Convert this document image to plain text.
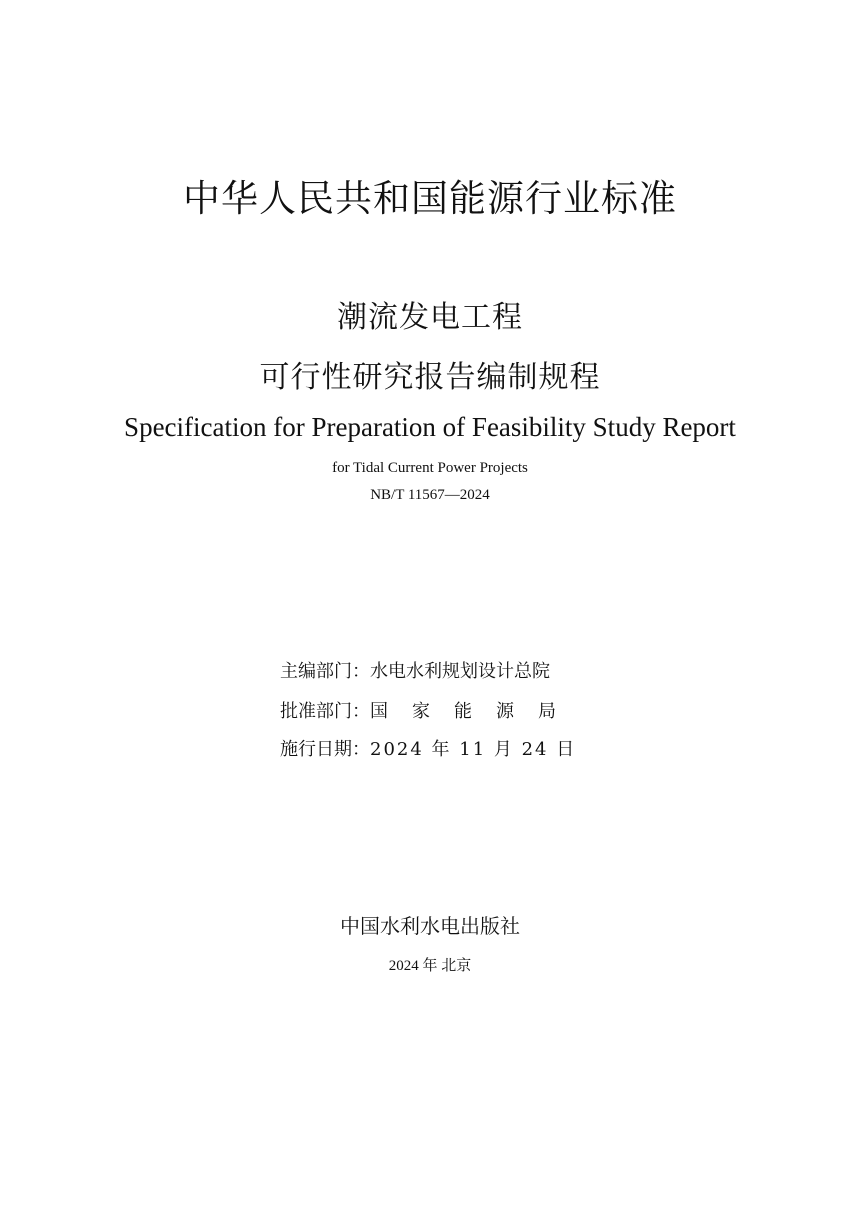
中华人民共和国能源行业标准
潮流发电工程
可行性研究报告编制规程
Specification for Preparation of Feasibility Study Report
for Tidal Current Power Projects
NB/T 11567—2024
主编部门： 水电水利规划设计总院
批准部门： 国家能源局
施行日期： 2024 年 11 月 24 日
中国水利水电出版社
2024 年 北京
